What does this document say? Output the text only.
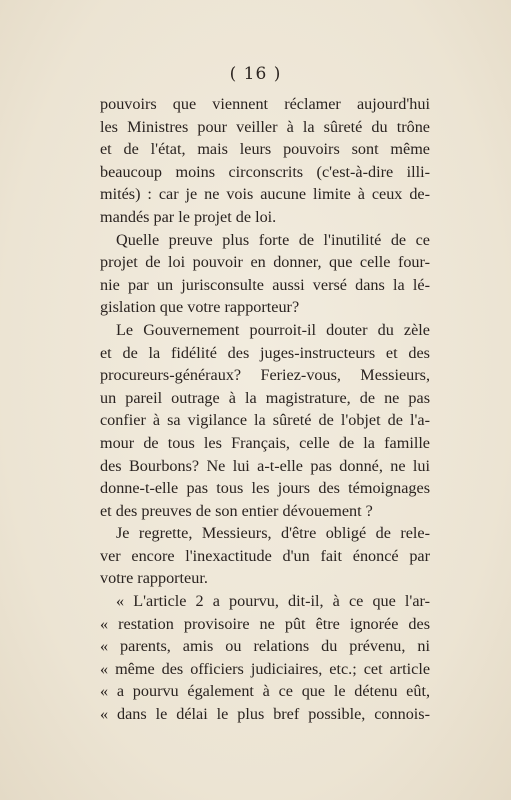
( 16 )
pouvoirs que viennent réclamer aujourd'hui
les Ministres pour veiller à la sûreté du trône
et de l'état, mais leurs pouvoirs sont même
beaucoup moins circonscrits (c'est-à-dire illi-
mités) : car je ne vois aucune limite à ceux de-
mandés par le projet de loi.
Quelle preuve plus forte de l'inutilité de ce
projet de loi pouvoir en donner, que celle four-
nie par un jurisconsulte aussi versé dans la lé-
gislation que votre rapporteur?
Le Gouvernement pourroit-il douter du zèle
et de la fidélité des juges-instructeurs et des
procureurs-généraux? Feriez-vous, Messieurs,
un pareil outrage à la magistrature, de ne pas
confier à sa vigilance la sûreté de l'objet de l'a-
mour de tous les Français, celle de la famille
des Bourbons? Ne lui a-t-elle pas donné, ne lui
donne-t-elle pas tous les jours des témoignages
et des preuves de son entier dévouement ?
Je regrette, Messieurs, d'être obligé de rele-
ver encore l'inexactitude d'un fait énoncé par
votre rapporteur.
« L'article 2 a pourvu, dit-il, à ce que l'ar-
« restation provisoire ne pût être ignorée des
« parents, amis ou relations du prévenu, ni
« même des officiers judiciaires, etc.; cet article
« a pourvu également à ce que le détenu eût,
« dans le délai le plus bref possible, connois-
